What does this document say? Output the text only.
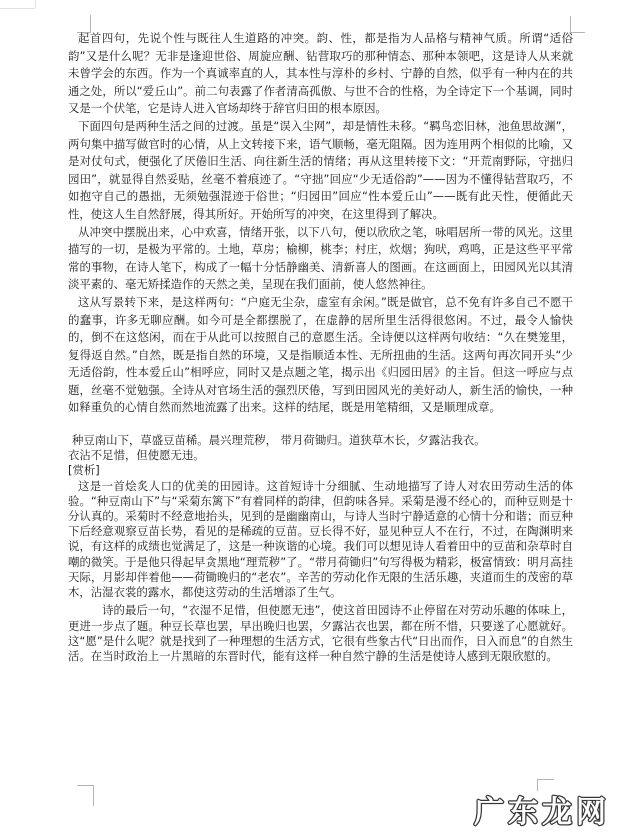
起首四句，先说个性与既往人生道路的冲突。韵、性，都是指为人品格与精神气质。所谓“适俗韵”又是什么呢？无非是逢迎世俗、周旋应酬、钻营取巧的那种情态、那种本领吧，这是诗人从来就未曾学会的东西。作为一个真诚率直的人，其本性与淳朴的乡村、宁静的自然，似乎有一种内在的共通之处，所以“爱丘山”。前二句表露了作者清高孤傲、与世不合的性格，为全诗定下一个基调，同时又是一个伏笔，它是诗人进入官场却终于辞官归田的根本原因。

下面四句是两种生活之间的过渡。虽是“误入尘网”，却是情性未移。“羁鸟恋旧林，池鱼思故渊”，两句集中描写做官时的心情，从上文转接下来，语气顺畅，毫无阻隔。因为连用两个相似的比喻，又是对仗句式，便强化了厌倦旧生活、向往新生活的情绪；再从这里转接下文：“开荒南野际，守拙归园田”，就显得自然妥贴，丝毫不着痕迹了。“守拙”回应“少无适俗韵”——因为不懂得钻营取巧，不如抱守自己的愚拙，无须勉强混迹于俗世；“归园田”回应“性本爱丘山”——既有此天性，便循此天性，使这人生自然舒展，得其所好。开始所写的冲突，在这里得到了解决。

从冲突中摆脱出来，心中欢喜，情绪开张，以下八句，便以欣欣之笔，咏唱居所一带的风光。这里描写的一切，是极为平常的。土地，草房；榆柳，桃李；村庄，炊烟；狗吠，鸡鸣，正是这些平平常常的事物，在诗人笔下，构成了一幅十分恬静幽美、清新喜人的图画。在这画面上，田园风光以其清淡平素的、毫无矫揉造作的天然之美，呈现在我们面前，使人悠然神往。

这从写景转下来，是这样两句：“户庭无尘杂，虚室有余闲。”既是做官，总不免有许多自己不愿干的蠢事，许多无聊应酬。如今可是全都摆脱了，在虚静的居所里生活得很悠闲。不过，最令人愉快的，倒不在这悠闲，而在于从此可以按照自己的意愿生活。全诗便以这样两句收结：“久在樊笼里，复得返自然。”自然，既是指自然的环境，又是指顺适本性、无所扭曲的生活。这两句再次同开头“少无适俗韵，性本爱丘山”相呼应，同时又是点题之笔，揭示出《归园田居》的主旨。但这一呼应与点题，丝毫不觉勉强。全诗从对官场生活的强烈厌倦，写到田园风光的美好动人，新生活的愉快，一种如释重负的心情自然而然地流露了出来。这样的结尾，既是用笔精细，又是顺理成章。

种豆南山下，草盛豆苗稀。晨兴理荒秽， 带月荷锄归。道狭草木长，夕露沾我衣。

衣沾不足惜，但使愿无违。

[赏析]

这是一首烩炙人口的优美的田园诗。这首短诗十分细腻、生动地描写了诗人对农田劳动生活的体验。“种豆南山下”与“采菊东篱下”有着同样的韵律，但韵味各异。采菊是漫不经心的，而种豆则是十分认真的。采菊时不经意地抬头，见到的是幽幽南山，与诗人当时宁静适意的心情十分和谐；而豆种下后经意观察豆苗长势，看见的是稀疏的豆苗。豆长得不好，显见种豆人不在行，不过，在陶渊明来说，有这样的成绩也觉满足了，这是一种诙谐的心境。我们可以想见诗人看着田中的豆苗和杂草时自嘲的微笑。于是他只得起早贪黑地“理荒秽”了。“带月荷锄归”句写得极为精彩，极富情致：明月高挂天际，月影却伴着他——荷锄晚归的“老农”。辛苦的劳动化作无限的生活乐趣，夹道而生的茂密的草木，沾湿衣裳的露水，都使这劳动的生活增添了生气。

诗的最后一句，“衣湿不足惜，但使愿无违”，使这首田园诗不止停留在对劳动乐趣的体味上，更进一步点了题。种豆长草也罢，早出晚归也罢，夕露沾衣也罢，都在所不惜，只要遂了心愿就好。这“愿”是什么呢？就是找到了一种理想的生活方式，它很有些象古代“日出而作，日入而息”的自然生活。在当时政治上一片黑暗的东晋时代，能有这样一种自然宁静的生活是使诗人感到无限欣慰的。

广东龙网
